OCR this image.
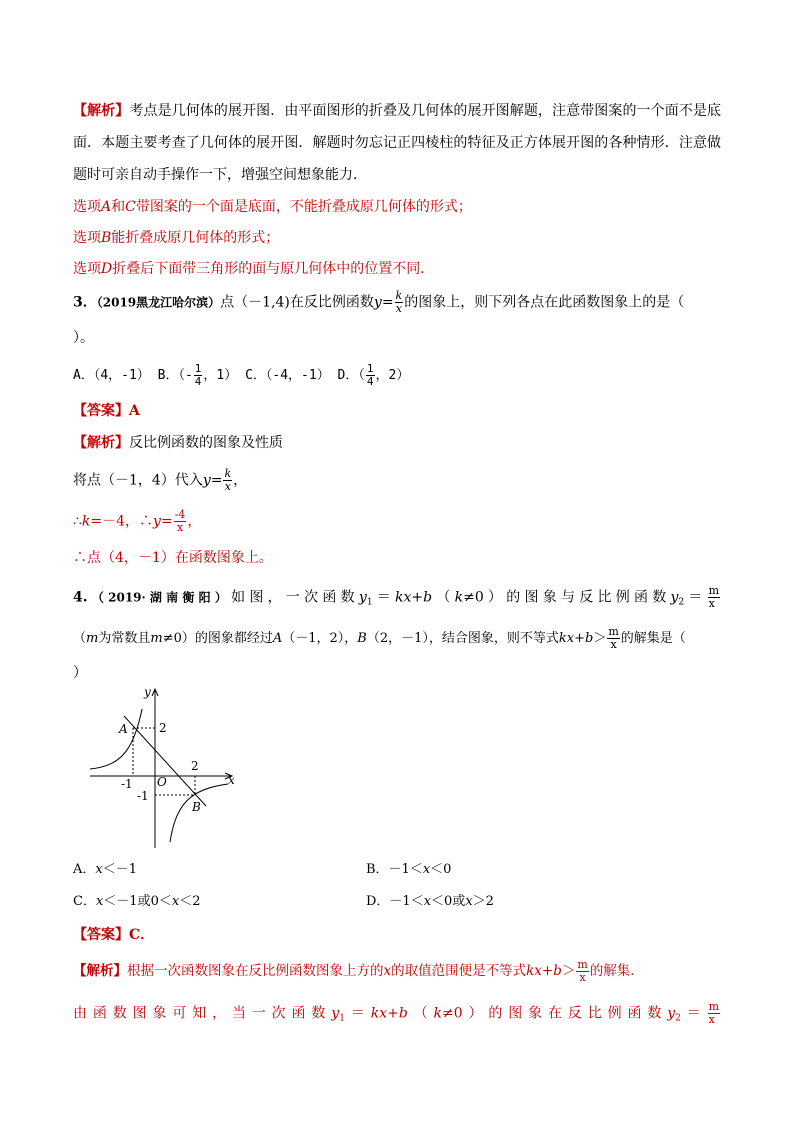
【解析】考点是几何体的展开图．由平面图形的折叠及几何体的展开图解题，注意带图案的一个面不是底
面．本题主要考查了几何体的展开图．解题时勿忘记正四棱柱的特征及正方体展开图的各种情形．注意做
题时可亲自动手操作一下，增强空间想象能力．
选项A和C带图案的一个面是底面，不能折叠成原几何体的形式；
选项B能折叠成原几何体的形式；
选项D折叠后下面带三角形的面与原几何体中的位置不同．
3．（2019黑龙江哈尔滨）点（－1,4)在反比例函数$y= \frac{k}{x}$ 的图象上，则下列各点在此函数图象上的是（
）。
A．（4，-1） B．（- $\frac{1}{4}$ ，1） C．（-4，-1） D．（ $\frac{1}{4}$ ，2）
【答案】A
【解析】反比例函数的图象及性质
将点（－1，4）代入$y= \frac{k}{x}$ ，
∴k=－4，∴y= $\frac{-4}{x}$ ，
∴点（4，－1）在函数图象上。
4.（2019·湖南衡阳）如图，一次函数$y_1=kx+b(k\ne 0)$的图象与反比例函数$y_2= \frac{m}{x}$
（m为常数且m≠0）的图象都经过A（－1，2），B（2，－1），结合图象，则不等式$kx+b> \frac{m}{x}$ 的解集是（
）
y
x
A
B
O
2
-1
2
-1
A．x＜－1	B．－1＜x＜0
C．x＜－1或0＜x＜2	D．－1＜x＜0或x＞2
【答案】C．
【解析】根据一次函数图象在反比例函数图象上方的x的取值范围便是不等式$kx+b> \frac{m}{x}$ 的解集．
由函数图象可知，当一次函数$y_1=kx+b(k\ne 0)$的图象在反比例函数$y_2= \frac{m}{x}$
